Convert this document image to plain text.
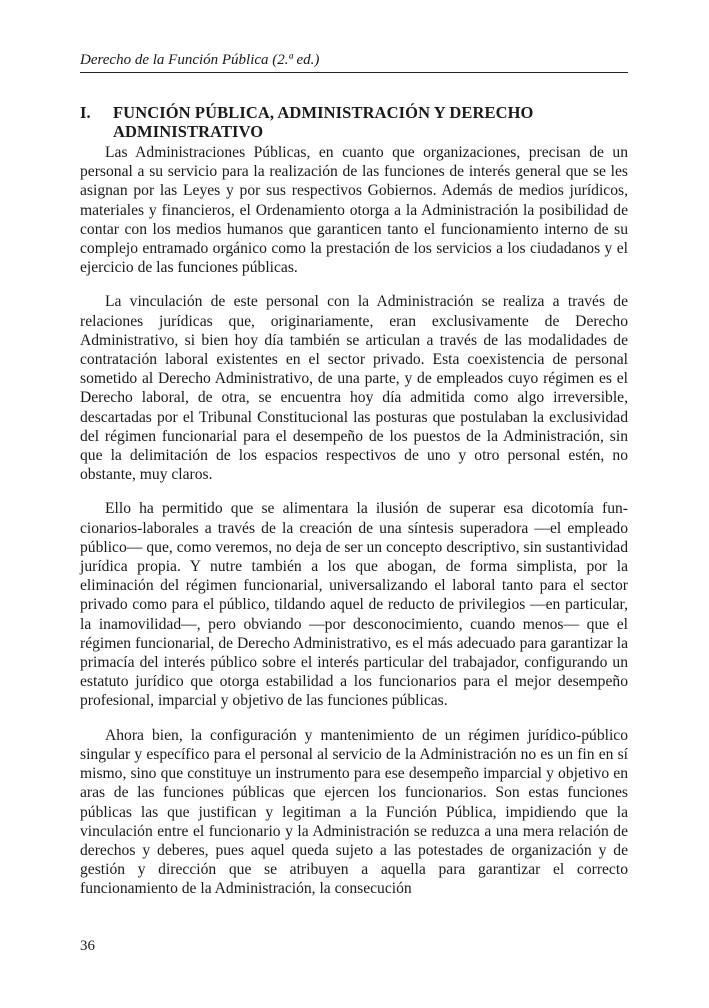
Derecho de la Función Pública (2.ª ed.)
I.	FUNCIÓN PÚBLICA, ADMINISTRACIÓN Y DERECHO ADMINISTRATIVO

Las Administraciones Públicas, en cuanto que organizaciones, precisan de un personal a su servicio para la realización de las funciones de interés general que se les asignan por las Leyes y por sus respectivos Gobiernos. Además de medios jurídicos, materiales y financieros, el Ordenamiento otorga a la Administración la posibilidad de contar con los medios humanos que garanticen tanto el funcionamiento interno de su complejo entramado orgánico como la prestación de los servicios a los ciudadanos y el ejercicio de las funciones públicas.

La vinculación de este personal con la Administración se realiza a través de relaciones jurídicas que, originariamente, eran exclusivamente de Derecho Administrativo, si bien hoy día también se articulan a través de las modalidades de contratación laboral existentes en el sector privado. Esta coexistencia de personal sometido al Derecho Administrativo, de una parte, y de empleados cuyo régimen es el Derecho laboral, de otra, se encuentra hoy día admitida como algo irreversible, descartadas por el Tribunal Constitucional las posturas que postulaban la exclusividad del régimen funcionarial para el desempeño de los puestos de la Administración, sin que la delimitación de los espacios respectivos de uno y otro personal estén, no obstante, muy claros.

Ello ha permitido que se alimentara la ilusión de superar esa dicotomía funcionarios-laborales a través de la creación de una síntesis superadora —el empleado público— que, como veremos, no deja de ser un concepto descriptivo, sin sustantividad jurídica propia. Y nutre también a los que abogan, de forma simplista, por la eliminación del régimen funcionarial, universalizando el laboral tanto para el sector privado como para el público, tildando aquel de reducto de privilegios —en particular, la inamovilidad—, pero obviando —por desconocimiento, cuando menos— que el régimen funcionarial, de Derecho Administrativo, es el más adecuado para garantizar la primacía del interés público sobre el interés particular del trabajador, configurando un estatuto jurídico que otorga estabilidad a los funcionarios para el mejor desempeño profesional, imparcial y objetivo de las funciones públicas.

Ahora bien, la configuración y mantenimiento de un régimen jurídico-público singular y específico para el personal al servicio de la Administración no es un fin en sí mismo, sino que constituye un instrumento para ese desempeño imparcial y objetivo en aras de las funciones públicas que ejercen los funcionarios. Son estas funciones públicas las que justifican y legitiman a la Función Pública, impidiendo que la vinculación entre el funcionario y la Administración se reduzca a una mera relación de derechos y deberes, pues aquel queda sujeto a las potestades de organización y de gestión y dirección que se atribuyen a aquella para garantizar el correcto funcionamiento de la Administración, la consecución

36
